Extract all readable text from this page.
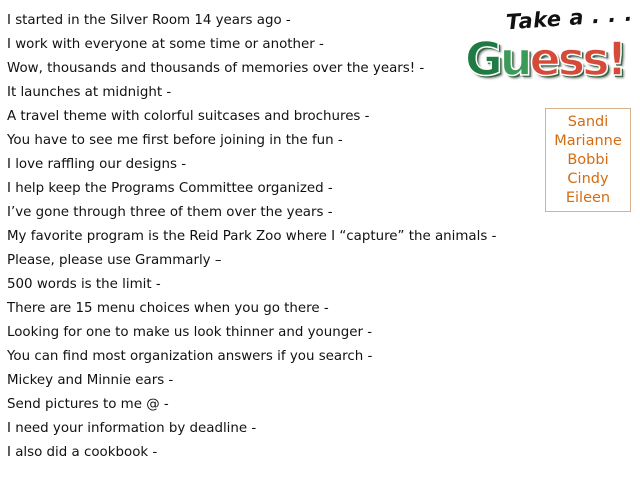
I started in the Silver Room 14 years ago -
I work with everyone at some time or another -
Wow, thousands and thousands of memories over the years! -
It launches at midnight -
A travel theme with colorful suitcases and brochures -
You have to see me first before joining in the fun -
I love raffling our designs -
I help keep the Programs Committee organized -
I’ve gone through three of them over the years -
My favorite program is the Reid Park Zoo where I “capture” the animals -
Please, please use Grammarly –
500 words is the limit -
There are 15 menu choices when you go there -
Looking for one to make us look thinner and younger -
You can find most organization answers if you search -
Mickey and Minnie ears -
Send pictures to me @ -
I need your information by deadline -
I also did a cookbook -
Take a . . .
Guess!
Sandi
Marianne
Bobbi
Cindy
Eileen
